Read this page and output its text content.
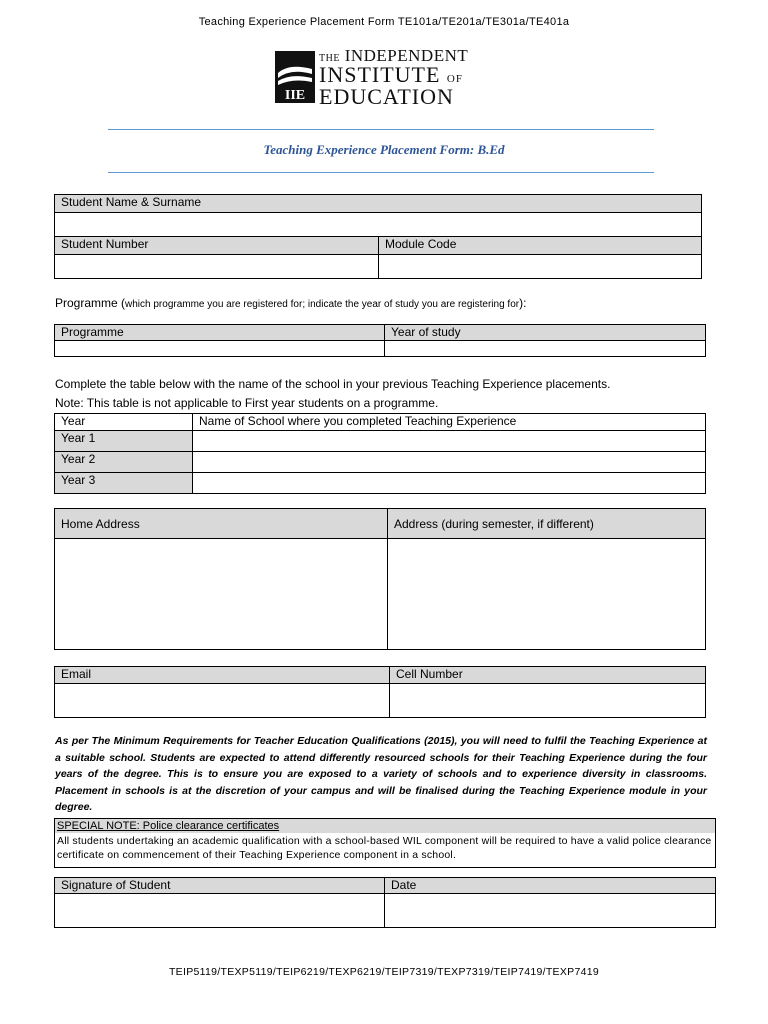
Teaching Experience Placement Form TE101a/TE201a/TE301a/TE401a
IIE
THE INDEPENDENT
INSTITUTE OF
EDUCATION
Teaching Experience Placement Form: B.Ed
Student Name & Surname	

Student Number	Module Code

Programme (which programme you are registered for; indicate the year of study you are registering for):
Programme	Year of study

Complete the table below with the name of the school in your previous Teaching Experience placements.
Note: This table is not applicable to First year students on a programme.
Year	Name of School where you completed Teaching Experience
Year 1	
Year 2	
Year 3	
Home Address	Address (during semester, if different)

Email	Cell Number

As per The Minimum Requirements for Teacher Education Qualifications (2015), you will need to fulfil the Teaching Experience at a suitable school. Students are expected to attend differently resourced schools for their Teaching Experience during the four years of the degree. This is to ensure you are exposed to a variety of schools and to experience diversity in classrooms. Placement in schools is at the discretion of your campus and will be finalised during the Teaching Experience module in your degree.
SPECIAL NOTE: Police clearance certificates
All students undertaking an academic qualification with a school-based WIL component will be required to have a valid police clearance certificate on commencement of their Teaching Experience component in a school.
Signature of Student	Date

TEIP5119/TEXP5119/TEIP6219/TEXP6219/TEIP7319/TEXP7319/TEIP7419/TEXP7419
